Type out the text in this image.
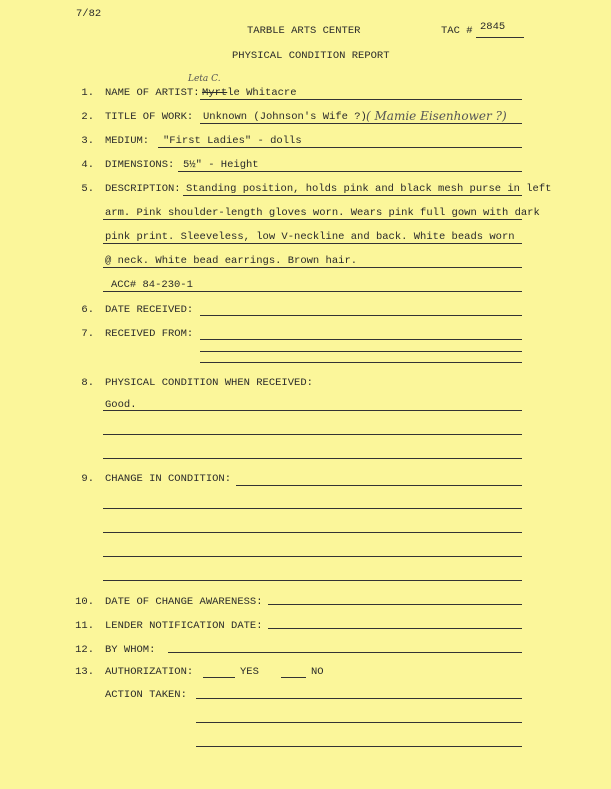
7/82
TARBLE ARTS CENTER	TAC # 2845
PHYSICAL CONDITION REPORT
1. NAME OF ARTIST:
Leta C.
Myrtle Whitacre
2. TITLE OF WORK: Unknown (Johnson's Wife ?) ( Mamie Eisenhower ?)
3. MEDIUM: "First Ladies" - dolls
4. DIMENSIONS: 5½" - Height
5. DESCRIPTION: Standing position, holds pink and black mesh purse in left
arm. Pink shoulder-length gloves worn. Wears pink full gown with dark
pink print. Sleeveless, low V-neckline and back. White beads worn
@ neck. White bead earrings. Brown hair.
ACC# 84-230-1
6. DATE RECEIVED:
7. RECEIVED FROM:
8. PHYSICAL CONDITION WHEN RECEIVED:
Good.
9. CHANGE IN CONDITION:
10. DATE OF CHANGE AWARENESS:
11. LENDER NOTIFICATION DATE:
12. BY WHOM:
13. AUTHORIZATION:	YES	NO
ACTION TAKEN:
